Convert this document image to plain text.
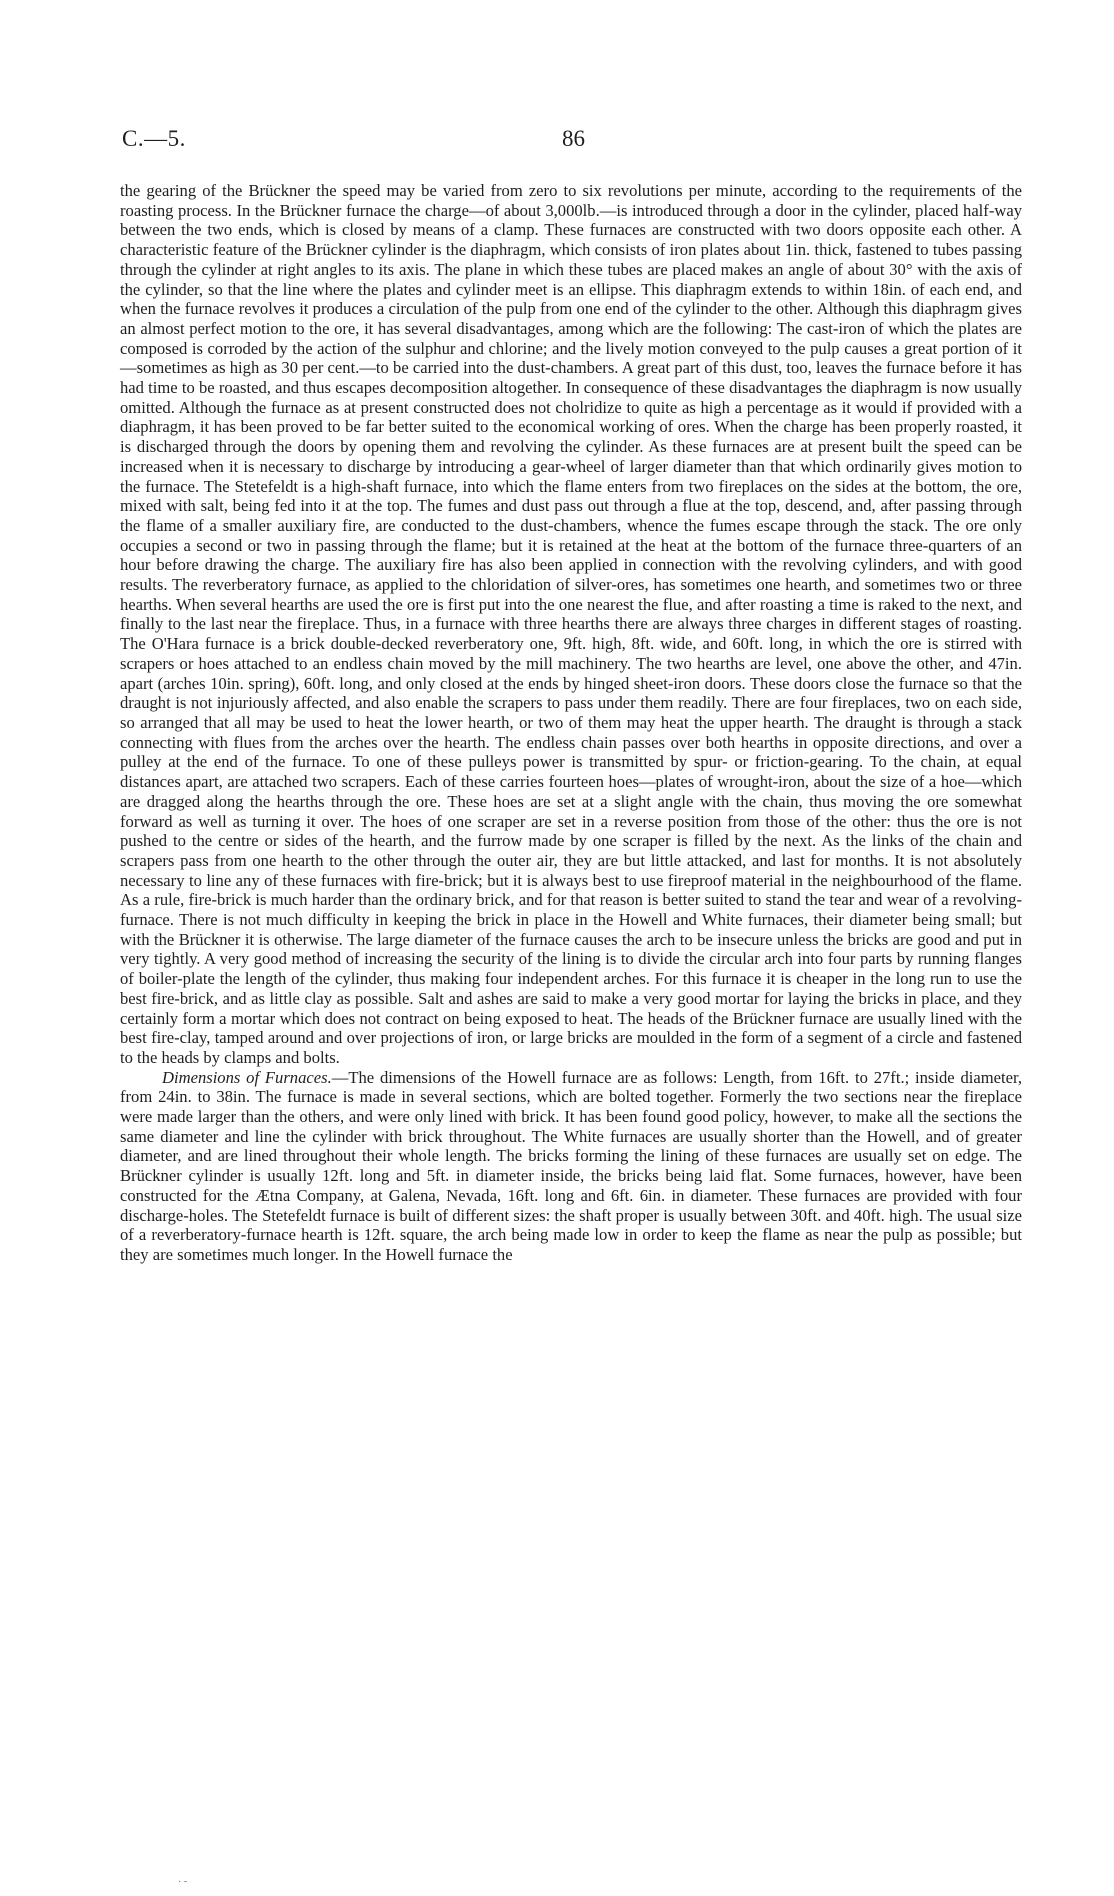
C.—5.	86

the gearing of the Brückner the speed may be varied from zero to six revolutions per minute, according to the requirements of the roasting process. In the Brückner furnace the charge—of about 3,000lb.—is introduced through a door in the cylinder, placed half-way between the two ends, which is closed by means of a clamp. These furnaces are constructed with two doors opposite each other. A characteristic feature of the Brückner cylinder is the diaphragm, which consists of iron plates about 1in. thick, fastened to tubes passing through the cylinder at right angles to its axis. The plane in which these tubes are placed makes an angle of about 30° with the axis of the cylinder, so that the line where the plates and cylinder meet is an ellipse. This diaphragm extends to within 18in. of each end, and when the furnace revolves it produces a circulation of the pulp from one end of the cylinder to the other. Although this diaphragm gives an almost perfect motion to the ore, it has several disadvantages, among which are the following: The cast-iron of which the plates are composed is corroded by the action of the sulphur and chlorine; and the lively motion conveyed to the pulp causes a great portion of it—sometimes as high as 30 per cent.—to be carried into the dust-chambers. A great part of this dust, too, leaves the furnace before it has had time to be roasted, and thus escapes decomposition altogether. In consequence of these disadvantages the diaphragm is now usually omitted. Although the furnace as at present constructed does not cholridize to quite as high a percentage as it would if provided with a diaphragm, it has been proved to be far better suited to the economical working of ores. When the charge has been properly roasted, it is discharged through the doors by opening them and revolving the cylinder. As these furnaces are at present built the speed can be increased when it is necessary to discharge by introducing a gear-wheel of larger diameter than that which ordinarily gives motion to the furnace. The Stetefeldt is a high-shaft furnace, into which the flame enters from two fireplaces on the sides at the bottom, the ore, mixed with salt, being fed into it at the top. The fumes and dust pass out through a flue at the top, descend, and, after passing through the flame of a smaller auxiliary fire, are conducted to the dust-chambers, whence the fumes escape through the stack. The ore only occupies a second or two in passing through the flame; but it is retained at the heat at the bottom of the furnace three-quarters of an hour before drawing the charge. The auxiliary fire has also been applied in connection with the revolving cylinders, and with good results. The reverberatory furnace, as applied to the chloridation of silver-ores, has sometimes one hearth, and sometimes two or three hearths. When several hearths are used the ore is first put into the one nearest the flue, and after roasting a time is raked to the next, and finally to the last near the fireplace. Thus, in a furnace with three hearths there are always three charges in different stages of roasting. The O'Hara furnace is a brick double-decked reverberatory one, 9ft. high, 8ft. wide, and 60ft. long, in which the ore is stirred with scrapers or hoes attached to an endless chain moved by the mill machinery. The two hearths are level, one above the other, and 47in. apart (arches 10in. spring), 60ft. long, and only closed at the ends by hinged sheet-iron doors. These doors close the furnace so that the draught is not injuriously affected, and also enable the scrapers to pass under them readily. There are four fireplaces, two on each side, so arranged that all may be used to heat the lower hearth, or two of them may heat the upper hearth. The draught is through a stack connecting with flues from the arches over the hearth. The endless chain passes over both hearths in opposite directions, and over a pulley at the end of the furnace. To one of these pulleys power is transmitted by spur- or friction-gearing. To the chain, at equal distances apart, are attached two scrapers. Each of these carries fourteen hoes—plates of wrought-iron, about the size of a hoe—which are dragged along the hearths through the ore. These hoes are set at a slight angle with the chain, thus moving the ore somewhat forward as well as turning it over. The hoes of one scraper are set in a reverse position from those of the other: thus the ore is not pushed to the centre or sides of the hearth, and the furrow made by one scraper is filled by the next. As the links of the chain and scrapers pass from one hearth to the other through the outer air, they are but little attacked, and last for months. It is not absolutely necessary to line any of these furnaces with fire-brick; but it is always best to use fireproof material in the neighbourhood of the flame. As a rule, fire-brick is much harder than the ordinary brick, and for that reason is better suited to stand the tear and wear of a revolving-furnace. There is not much difficulty in keeping the brick in place in the Howell and White furnaces, their diameter being small; but with the Brückner it is otherwise. The large diameter of the furnace causes the arch to be insecure unless the bricks are good and put in very tightly. A very good method of increasing the security of the lining is to divide the circular arch into four parts by running flanges of boiler-plate the length of the cylinder, thus making four independent arches. For this furnace it is cheaper in the long run to use the best fire-brick, and as little clay as possible. Salt and ashes are said to make a very good mortar for laying the bricks in place, and they certainly form a mortar which does not contract on being exposed to heat. The heads of the Brückner furnace are usually lined with the best fire-clay, tamped around and over projections of iron, or large bricks are moulded in the form of a segment of a circle and fastened to the heads by clamps and bolts.

Dimensions of Furnaces.—The dimensions of the Howell furnace are as follows: Length, from 16ft. to 27ft.; inside diameter, from 24in. to 38in. The furnace is made in several sections, which are bolted together. Formerly the two sections near the fireplace were made larger than the others, and were only lined with brick. It has been found good policy, however, to make all the sections the same diameter and line the cylinder with brick throughout. The White furnaces are usually shorter than the Howell, and of greater diameter, and are lined throughout their whole length. The bricks forming the lining of these furnaces are usually set on edge. The Brückner cylinder is usually 12ft. long and 5ft. in diameter inside, the bricks being laid flat. Some furnaces, however, have been constructed for the Ætna Company, at Galena, Nevada, 16ft. long and 6ft. 6in. in diameter. These furnaces are provided with four discharge-holes. The Stetefeldt furnace is built of different sizes: the shaft proper is usually between 30ft. and 40ft. high. The usual size of a reverberatory-furnace hearth is 12ft. square, the arch being made low in order to keep the flame as near the pulp as possible; but they are sometimes much longer. In the Howell furnace the

˙ ˜
